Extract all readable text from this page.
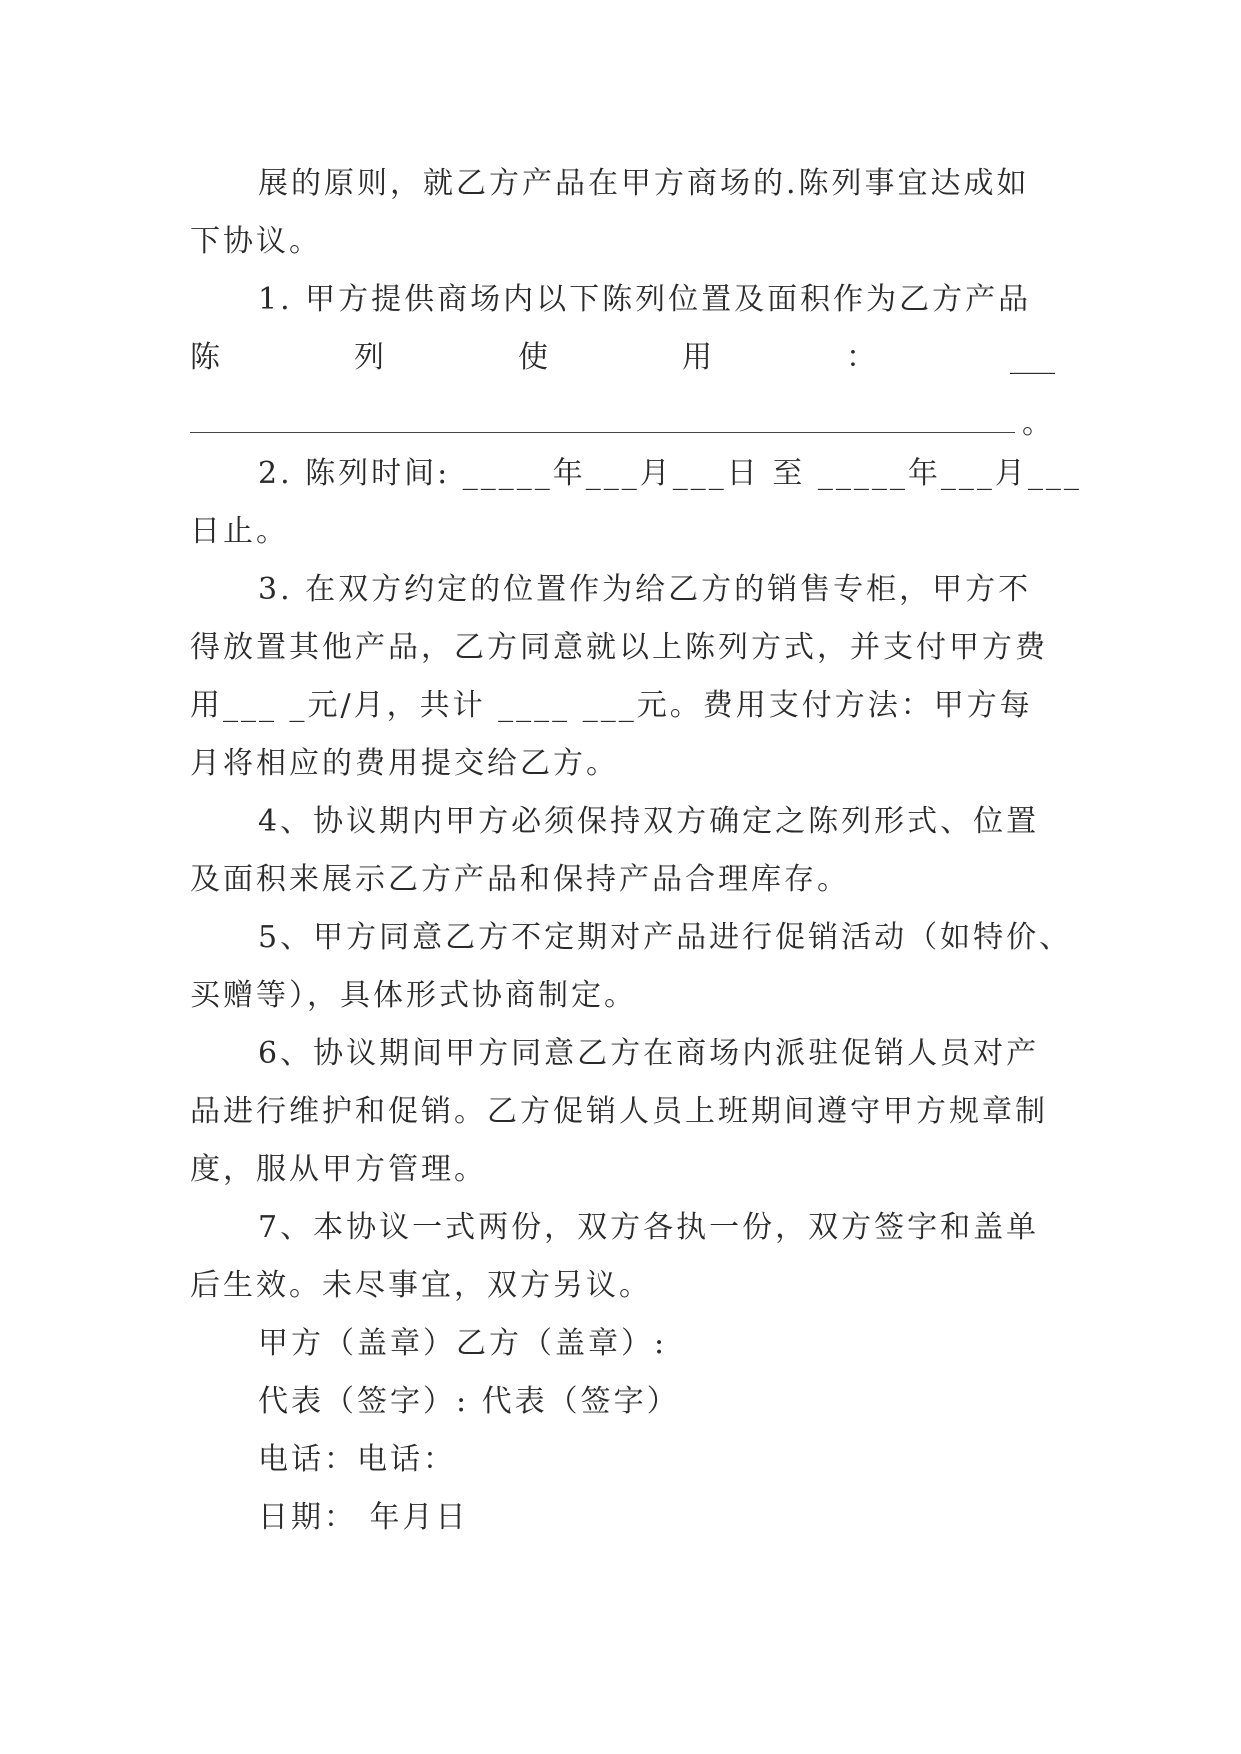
展的原则，就乙方产品在甲方商场的.陈列事宜达成如
下协议。
1. 甲方提供商场内以下陈列位置及面积作为乙方产品
陈	列	使	用	：	___
。
2. 陈列时间: _____年___月___日 至 _____年___月___
日止。
3. 在双方约定的位置作为给乙方的销售专柜，甲方不
得放置其他产品，乙方同意就以上陈列方式，并支付甲方费
用___ _元/月，共计 ____ ___元。费用支付方法：甲方每
月将相应的费用提交给乙方。
4、协议期内甲方必须保持双方确定之陈列形式、位置
及面积来展示乙方产品和保持产品合理库存。
5、甲方同意乙方不定期对产品进行促销活动（如特价、
买赠等），具体形式协商制定。
6、协议期间甲方同意乙方在商场内派驻促销人员对产
品进行维护和促销。乙方促销人员上班期间遵守甲方规章制
度，服从甲方管理。
7、本协议一式两份，双方各执一份，双方签字和盖单
后生效。未尽事宜，双方另议。
甲方（盖章）乙方（盖章）:
代表（签字）: 代表（签字）
电话：电话：
日期： 年月日
